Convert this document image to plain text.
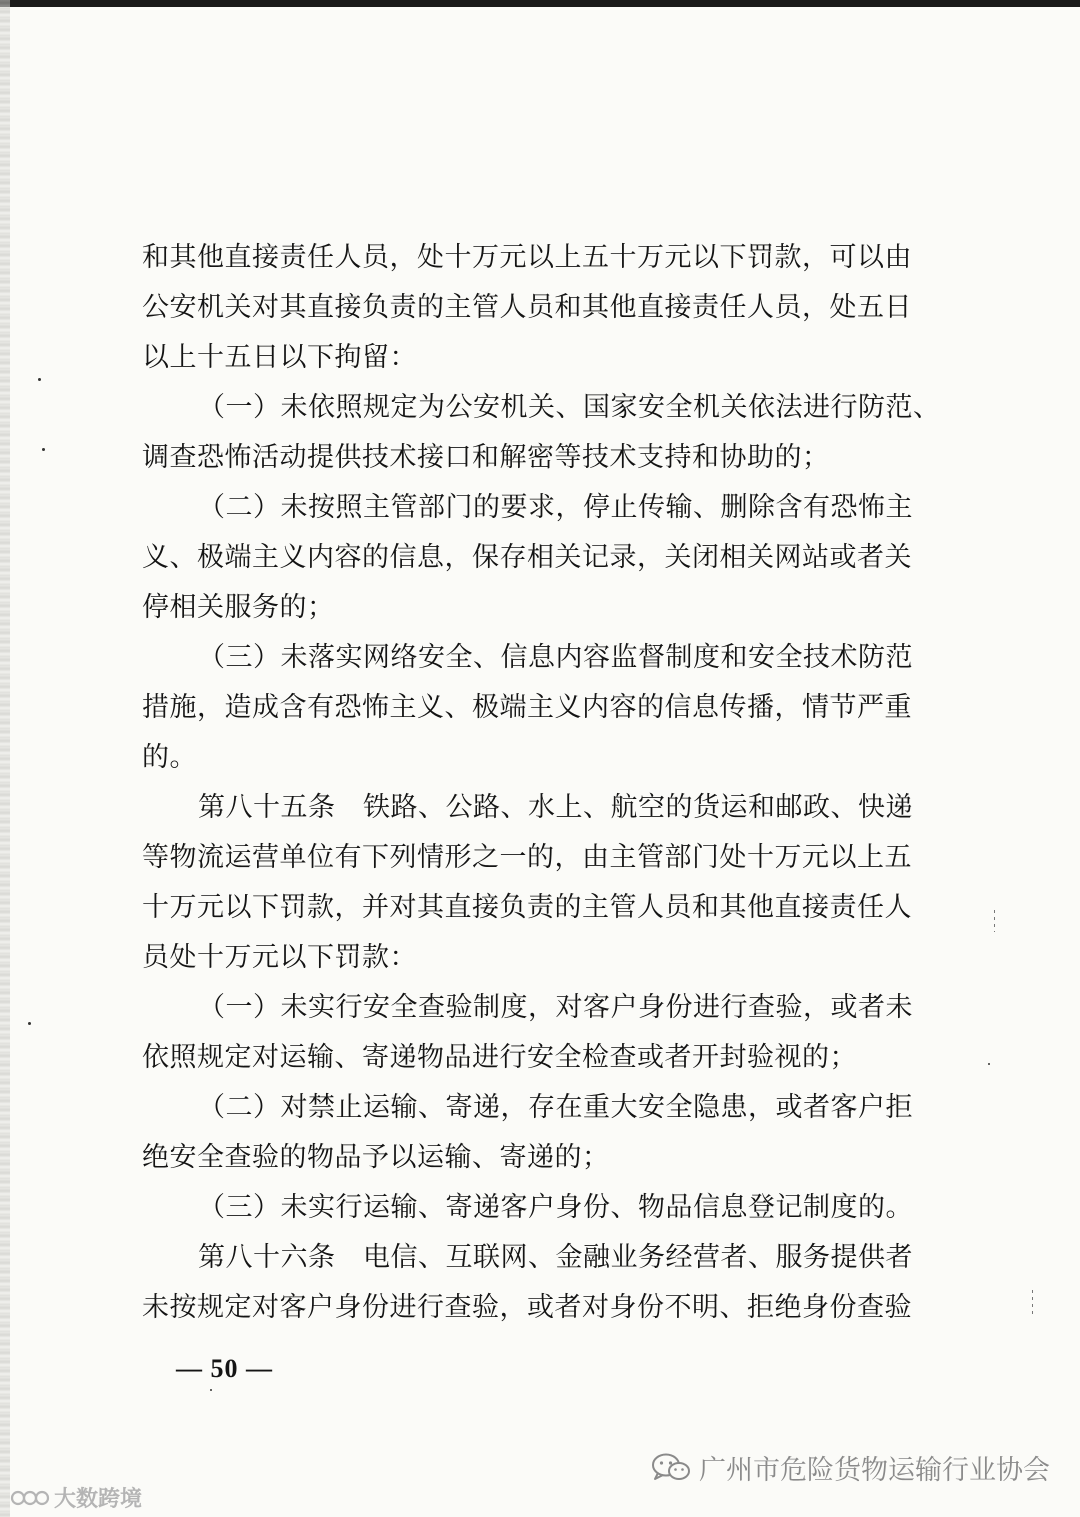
和其他直接责任人员，处十万元以上五十万元以下罚款，可以由
公安机关对其直接负责的主管人员和其他直接责任人员，处五日
以上十五日以下拘留：
（一）未依照规定为公安机关、国家安全机关依法进行防范、
调查恐怖活动提供技术接口和解密等技术支持和协助的；
（二）未按照主管部门的要求，停止传输、删除含有恐怖主
义、极端主义内容的信息，保存相关记录，关闭相关网站或者关
停相关服务的；
（三）未落实网络安全、信息内容监督制度和安全技术防范
措施，造成含有恐怖主义、极端主义内容的信息传播，情节严重
的。
第八十五条　铁路、公路、水上、航空的货运和邮政、快递
等物流运营单位有下列情形之一的，由主管部门处十万元以上五
十万元以下罚款，并对其直接负责的主管人员和其他直接责任人
员处十万元以下罚款：
（一）未实行安全查验制度，对客户身份进行查验，或者未
依照规定对运输、寄递物品进行安全检查或者开封验视的；
（二）对禁止运输、寄递，存在重大安全隐患，或者客户拒
绝安全查验的物品予以运输、寄递的；
（三）未实行运输、寄递客户身份、物品信息登记制度的。
第八十六条　电信、互联网、金融业务经营者、服务提供者
未按规定对客户身份进行查验，或者对身份不明、拒绝身份查验
— 50 —
广州市危险货物运输行业协会
大数跨境
